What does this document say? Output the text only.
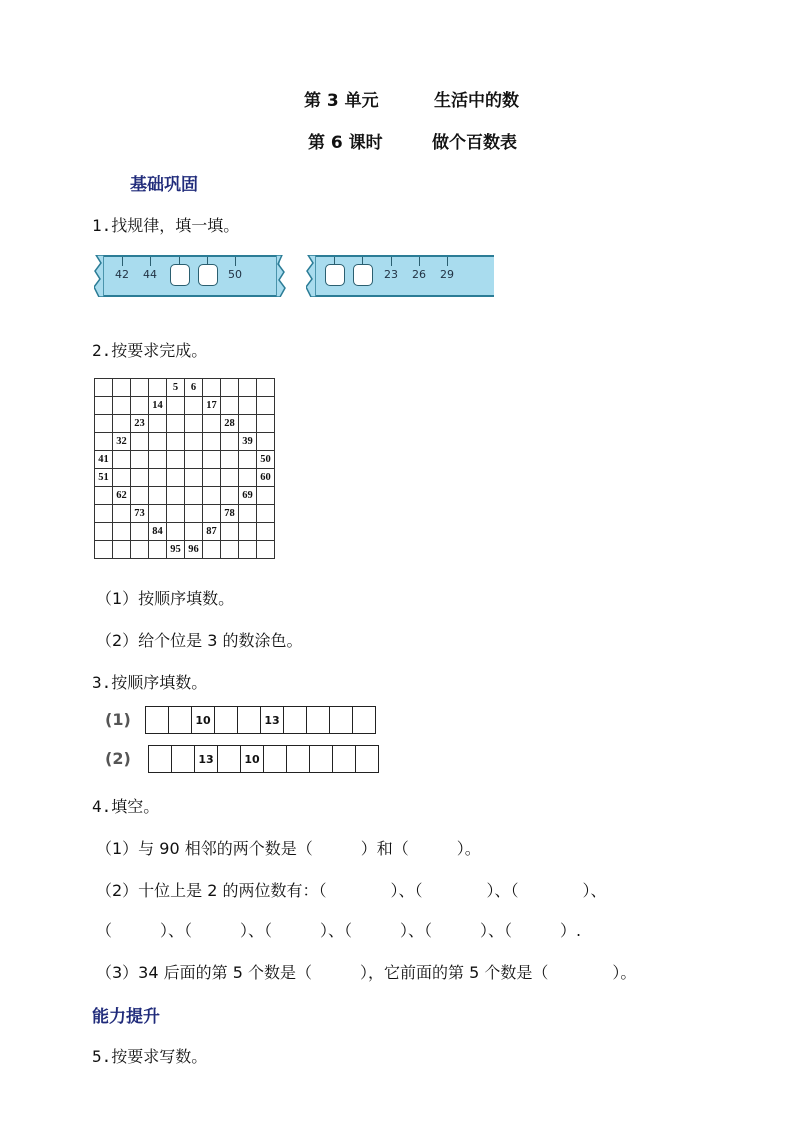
第 3 单元	生活中的数
第 6 课时	做个百数表
基础巩固
1.找规律，填一填。
42	44	50	23	26	29
2.按要求完成。
				5	6				
			14			17			
		23					28		
	32							39	
41									50
51									60
	62							69	
		73					78		
			84			87			
				95	96				
（1）按顺序填数。
（2）给个位是 3 的数涂色。
3.按顺序填数。
(1)
			10			13				
(2)
			13		10					
4.填空。
（1）与 90 相邻的两个数是（　　　）和（　　　）。
（2）十位上是 2 的两位数有：（　　　　）、（　　　　）、（　　　　）、
（　　　）、（　　　）、（　　　）、（　　　）、（　　　）、（　　　）.
（3）34 后面的第 5 个数是（　　　），它前面的第 5 个数是（　　　　）。
能力提升
5.按要求写数。
